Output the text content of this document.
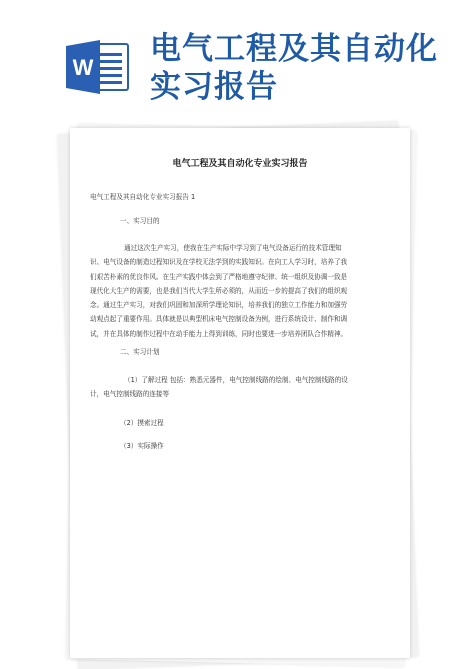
W
电气工程及其自动化实习报告
电气工程及其自动化专业实习报告
电气工程及其自动化专业实习报告 1
一、实习目的
通过这次生产实习，使我在生产实际中学习到了电气设备运行的技术管理知识、电气设备的制造过程知识及在学校无法学到的实践知识。在向工人学习时，培养了我们艰苦朴素的优良作风。在生产实践中体会到了严格地遵守纪律、统一组织及协调一致是现代化大生产的需要，也是我们当代大学生所必须的，从而近一步的提高了我们的组织观念。通过生产实习，对我们巩固和加深所学理论知识，培养我们的独立工作能力和加强劳动观点起了重要作用。具体就是以典型机床电气控制设备为例，进行系统设计、制作和调试，并在具体的制作过程中在动手能力上得到训练，同时也要进一步培养团队合作精神。
二、实习计划
（1）了解过程 包括：熟悉元器件，电气控制线路的绘制、电气控制线路的设计，电气控制线路的连接等
（2）摸索过程
（3）实际操作
